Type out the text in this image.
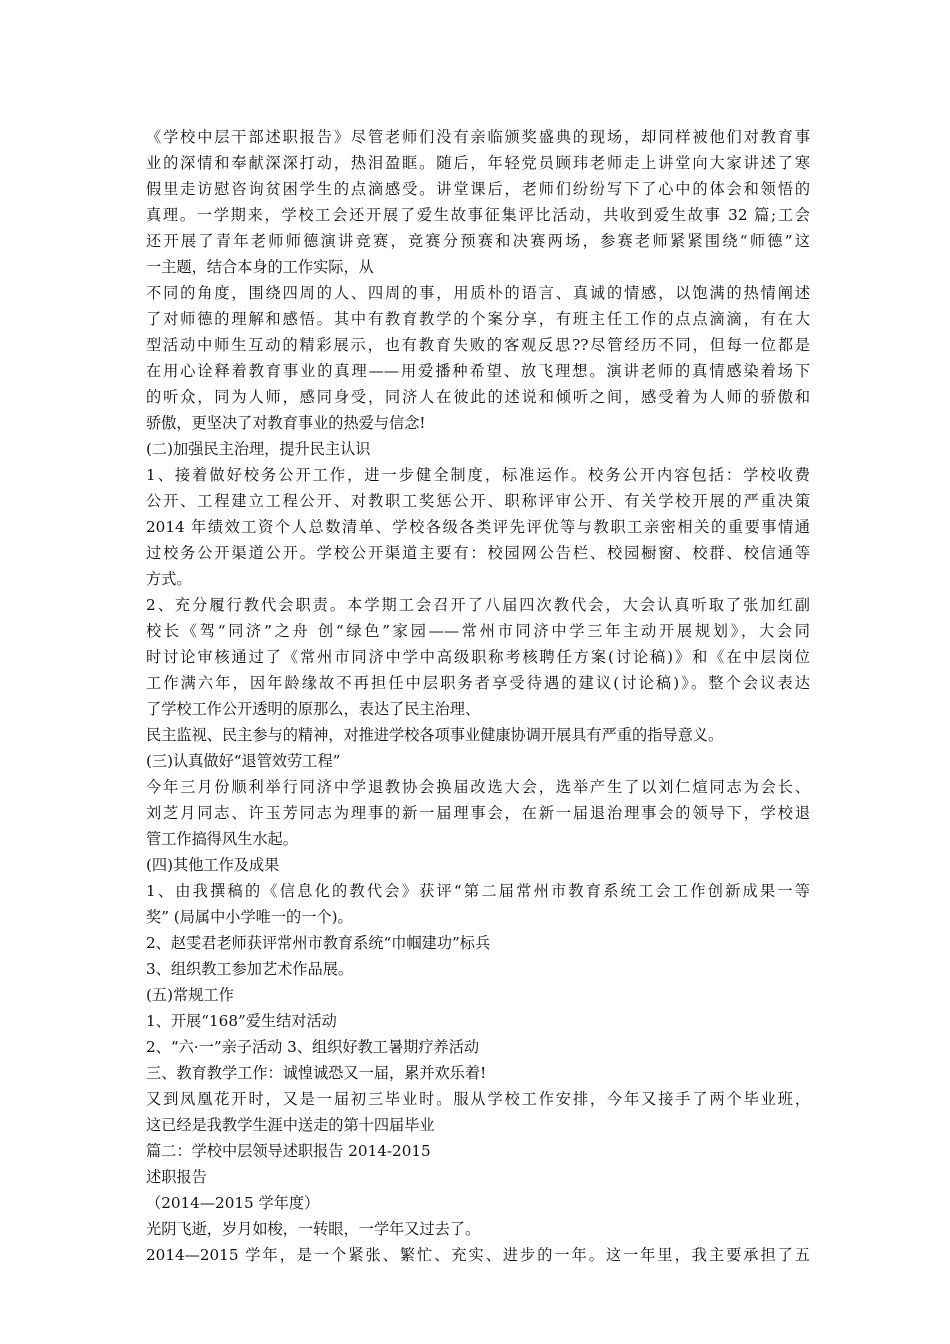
《学校中层干部述职报告》尽管老师们没有亲临颁奖盛典的现场，却同样被他们对教育事
业的深情和奉献深深打动，热泪盈眶。随后，年轻党员顾玮老师走上讲堂向大家讲述了寒
假里走访慰咨询贫困学生的点滴感受。讲堂课后，老师们纷纷写下了心中的体会和领悟的
真理。一学期来，学校工会还开展了爱生故事征集评比活动，共收到爱生故事 32 篇;工会
还开展了青年老师师德演讲竞赛，竞赛分预赛和决赛两场，参赛老师紧紧围绕“师德”这
一主题，结合本身的工作实际，从
不同的角度，围绕四周的人、四周的事，用质朴的语言、真诚的情感，以饱满的热情阐述
了对师德的理解和感悟。其中有教育教学的个案分享，有班主任工作的点点滴滴，有在大
型活动中师生互动的精彩展示，也有教育失败的客观反思??尽管经历不同，但每一位都是
在用心诠释着教育事业的真理——用爱播种希望、放飞理想。演讲老师的真情感染着场下
的听众，同为人师，感同身受，同济人在彼此的述说和倾听之间，感受着为人师的骄傲和
骄傲，更坚决了对教育事业的热爱与信念!
(二)加强民主治理，提升民主认识
1、接着做好校务公开工作，进一步健全制度，标准运作。校务公开内容包括：学校收费
公开、工程建立工程公开、对教职工奖惩公开、职称评审公开、有关学校开展的严重决策
2014 年绩效工资个人总数清单、学校各级各类评先评优等与教职工亲密相关的重要事情通
过校务公开渠道公开。学校公开渠道主要有：校园网公告栏、校园橱窗、校群、校信通等
方式。
2、充分履行教代会职责。本学期工会召开了八届四次教代会，大会认真听取了张加红副
校长《驾“同济”之舟 创“绿色”家园——常州市同济中学三年主动开展规划》，大会同
时讨论审核通过了《常州市同济中学中高级职称考核聘任方案(讨论稿)》和《在中层岗位
工作满六年，因年龄缘故不再担任中层职务者享受待遇的建议(讨论稿)》。整个会议表达
了学校工作公开透明的原那么，表达了民主治理、
民主监视、民主参与的精神，对推进学校各项事业健康协调开展具有严重的指导意义。
(三)认真做好“退管效劳工程”
今年三月份顺利举行同济中学退教协会换届改选大会，选举产生了以刘仁煊同志为会长、
刘芝月同志、许玉芳同志为理事的新一届理事会，在新一届退治理事会的领导下，学校退
管工作搞得风生水起。
(四)其他工作及成果
1、由我撰稿的《信息化的教代会》获评“第二届常州市教育系统工会工作创新成果一等
奖” (局属中小学唯一的一个)。
2、赵雯君老师获评常州市教育系统“巾帼建功”标兵
3、组织教工参加艺术作品展。
(五)常规工作
1、开展“168”爱生结对活动
2、“六·一”亲子活动 3、组织好教工暑期疗养活动
三、教育教学工作：诚惶诚恐又一届，累并欢乐着!
又到凤凰花开时，又是一届初三毕业时。服从学校工作安排，今年又接手了两个毕业班，
这已经是我教学生涯中送走的第十四届毕业
篇二：学校中层领导述职报告 2014-2015
述职报告
（2014—2015 学年度）
光阴飞逝，岁月如梭，一转眼，一学年又过去了。
2014—2015 学年，是一个紧张、繁忙、充实、进步的一年。这一年里，我主要承担了五
